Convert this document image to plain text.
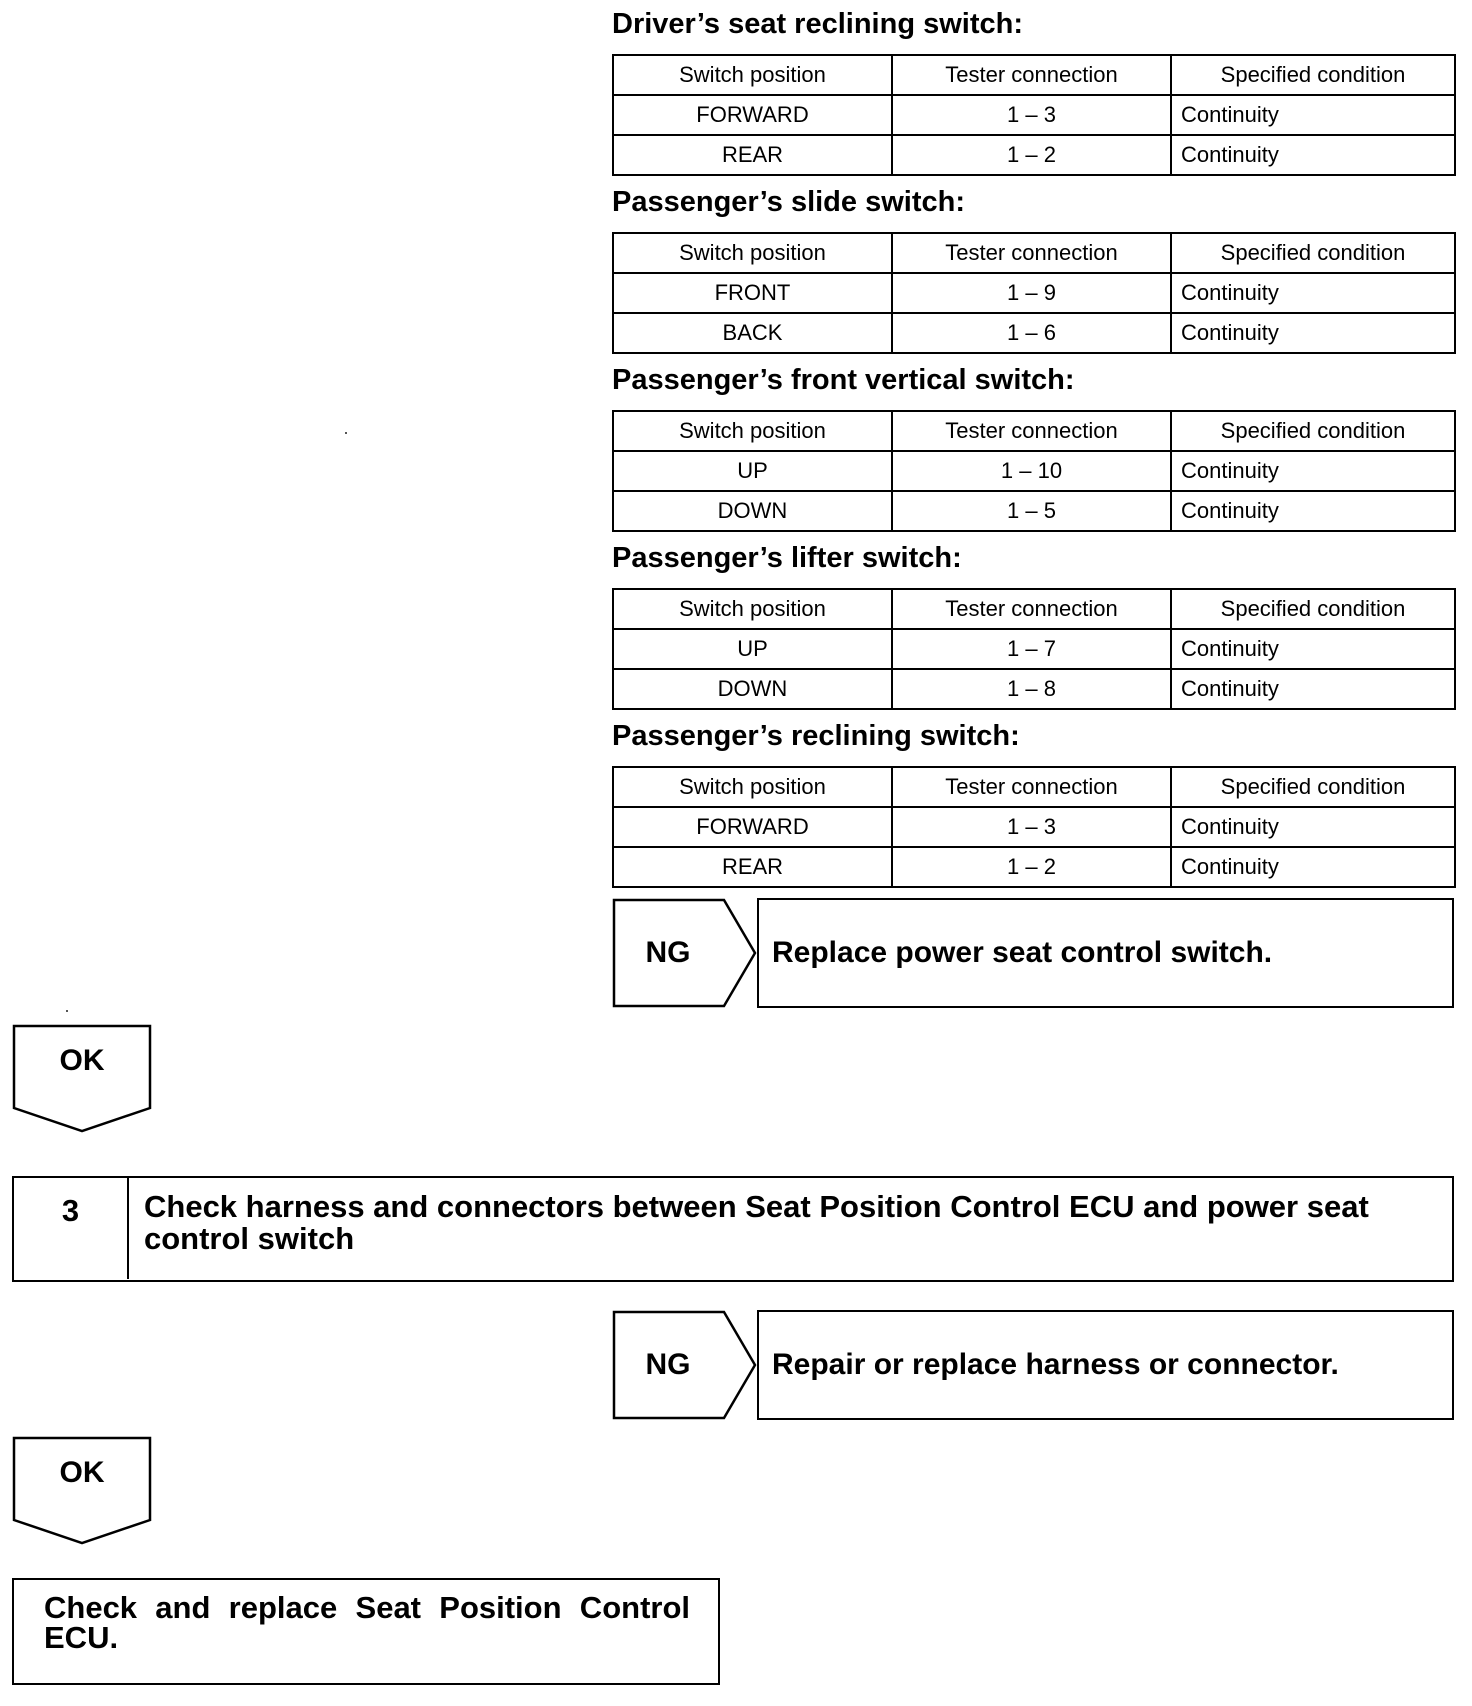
Driver’s seat reclining switch:
Switch position	Tester connection	Specified condition
FORWARD	1 – 3	Continuity
REAR	1 – 2	Continuity
Passenger’s slide switch:
Switch position	Tester connection	Specified condition
FRONT	1 – 9	Continuity
BACK	1 – 6	Continuity
Passenger’s front vertical switch:
Switch position	Tester connection	Specified condition
UP	1 – 10	Continuity
DOWN	1 – 5	Continuity
Passenger’s lifter switch:
Switch position	Tester connection	Specified condition
UP	1 – 7	Continuity
DOWN	1 – 8	Continuity
Passenger’s reclining switch:
Switch position	Tester connection	Specified condition
FORWARD	1 – 3	Continuity
REAR	1 – 2	Continuity
NG	Replace power seat control switch.
OK
3	Check harness and connectors between Seat Position Control ECU and power seat control switch
NG	Repair or replace harness or connector.
OK
Check and replace Seat Position Control ECU.
